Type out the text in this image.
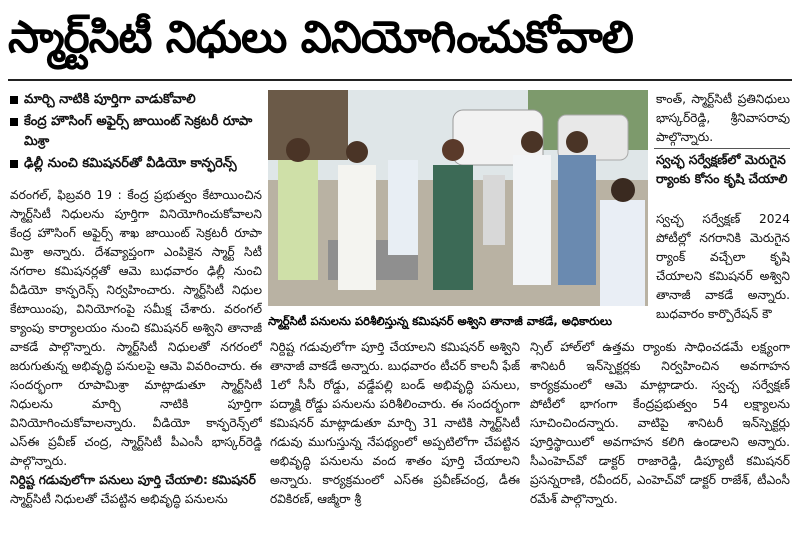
స్మార్ట్‌సిటీ నిధులు వినియోగించుకోవాలి
మార్చి నాటికి పూర్తిగా వాడుకోవాలి
కేంద్ర హౌసింగ్ అఫైర్స్ జాయింట్ సెక్రటరీ రూపా మిశ్రా
ఢిల్లీ నుంచి కమిషనర్‌తో వీడియో కాన్ఫరెన్స్

వరంగల్, ఫిబ్రవరి 19 : కేంద్ర ప్రభుత్వం కేటాయించిన స్మార్ట్‌సిటీ నిధులను పూర్తిగా వినియోగించుకోవాలని కేంద్ర హౌసింగ్ అఫైర్స్ శాఖ జాయింట్ సెక్రటరీ రూపా మిశ్రా అన్నారు. దేశవ్యాప్తంగా ఎంపికైన స్మార్ట్ సిటీ నగరాల కమిషనర్లతో ఆమె బుధవారం ఢిల్లీ నుంచి వీడియో కాన్ఫరెన్స్ నిర్వహించారు. స్మార్ట్‌సిటీ నిధుల కేటాయింపు, వినియోగంపై సమీక్ష చేశారు. వరంగల్ క్యాంపు కార్యాలయం నుంచి కమిషనర్ అశ్విని తానాజీ వాకడే పాల్గొన్నారు. స్మార్ట్‌సిటీ నిధులతో నగరంలో జరుగుతున్న అభివృద్ధి పనులపై ఆమె వివరించారు. ఈ సందర్భంగా రూపామిశ్రా మాట్లాడుతూ స్మార్ట్‌సిటీ నిధులను మార్చి నాటికి పూర్తిగా వినియోగించుకోవాలన్నారు. వీడియో కాన్ఫరెన్స్‌లో ఎస్‌ఈ ప్రవీణ్ చంద్ర, స్మార్ట్‌సిటీ పీఎంసీ భాస్కర్‌రెడ్డి పాల్గొన్నారు.

నిర్దిష్ట గడువులోగా పనులు పూర్తి చేయాలి: కమిషనర్

స్మార్ట్‌సిటీ నిధులతో చేపట్టిన అభివృద్ధి పనులను

స్మార్ట్‌సిటీ పనులను పరిశీలిస్తున్న కమిషనర్ అశ్విని తానాజీ వాకడే, అధికారులు

నిర్దిష్ట గడువులోగా పూర్తి చేయాలని కమిషనర్ అశ్విని తానాజీ వాకడే అన్నారు. బుధవారం టీచర్ కాలనీ ఫేజ్ 1లో సీసీ రోడ్డు, వడ్డేపల్లి బండ్ అభివృద్ధి పనులు, పద్మాక్షి రోడ్డు పనులను పరిశీలించారు. ఈ సందర్భంగా కమిషనర్ మాట్లాడుతూ మార్చి 31 నాటికి స్మార్ట్‌సిటీ గడువు ముగుస్తున్న నేపథ్యంలో అప్పటిలోగా చేపట్టిన అభివృద్ధి పనులను వంద శాతం పూర్తి చేయాలని అన్నారు. కార్యక్రమంలో ఎస్‌ఈ ప్రవీణ్‌చంద్ర, డీఈ రవికిరణ్, ఆజ్మీరా శ్రీ

కాంత్, స్మార్ట్‌సిటీ ప్రతినిధులు భాస్కర్‌రెడ్డి, శ్రీనివాసరావు పాల్గొన్నారు.

స్వచ్ఛ సర్వేక్షణ్‌లో మెరుగైన ర్యాంకు కోసం కృషి చేయాలి

స్వచ్ఛ సర్వేక్షణ్ 2024 పోటీల్లో నగరానికి మెరుగైన ర్యాంక్ వచ్చేలా కృషి చేయాలని కమిషనర్ అశ్విని తానాజీ వాకడే అన్నారు. బుధవారం కార్పొరేషన్ కౌ

న్సిల్ హాల్‌లో ఉత్తమ ర్యాంకు సాధించడమే లక్ష్యంగా శానిటరీ ఇన్‌స్పెక్టర్లకు నిర్వహించిన అవగాహన కార్యక్రమంలో ఆమె మాట్లాడారు. స్వచ్ఛ సర్వేక్షణ్ పోటీలో భాగంగా కేంద్రప్రభుత్వం 54 లక్ష్యాలను సూచించిందన్నారు. వాటిపై శానిటరీ ఇన్‌స్పెక్టర్లు పూర్తిస్థాయిలో అవగాహన కలిగి ఉండాలని అన్నారు. సీఎంహెచ్‌వో డాక్టర్ రాజారెడ్డి, డిప్యూటీ కమిషనర్ ప్రసన్నరాణి, రవీందర్, ఎంహెచ్‌వో డాక్టర్ రాజేశ్, టీఎంసీ రమేశ్ పాల్గొన్నారు.
